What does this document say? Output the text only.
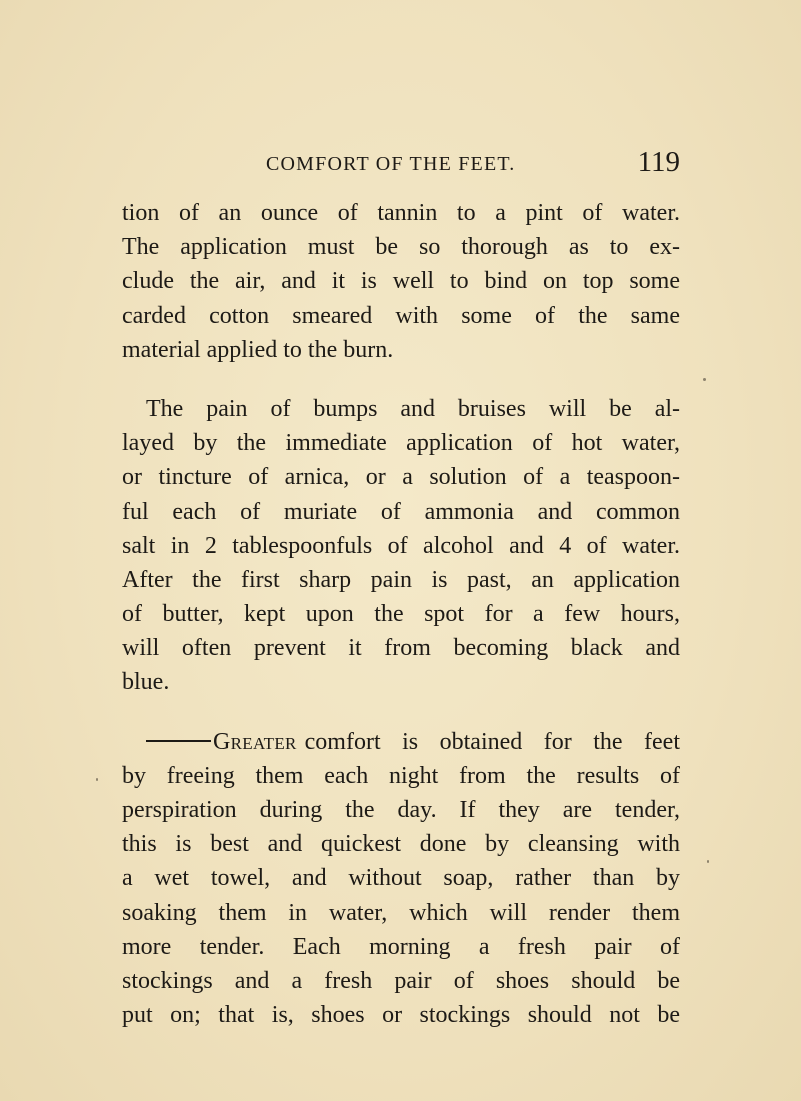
COMFORT OF THE FEET.	119
tion of an ounce of tannin to a pint of water.
The application must be so thorough as to ex-
clude the air, and it is well to bind on top some
carded cotton smeared with some of the same
material applied to the burn.
The pain of bumps and bruises will be al-
layed by the immediate application of hot water,
or tincture of arnica, or a solution of a teaspoon-
ful each of muriate of ammonia and common
salt in 2 tablespoonfuls of alcohol and 4 of water.
After the first sharp pain is past, an application
of butter, kept upon the spot for a few hours,
will often prevent it from becoming black and
blue.
Greater comfort is obtained for the feet
by freeing them each night from the results of
perspiration during the day. If they are tender,
this is best and quickest done by cleansing with
a wet towel, and without soap, rather than by
soaking them in water, which will render them
more tender. Each morning a fresh pair of
stockings and a fresh pair of shoes should be
put on; that is, shoes or stockings should not be
